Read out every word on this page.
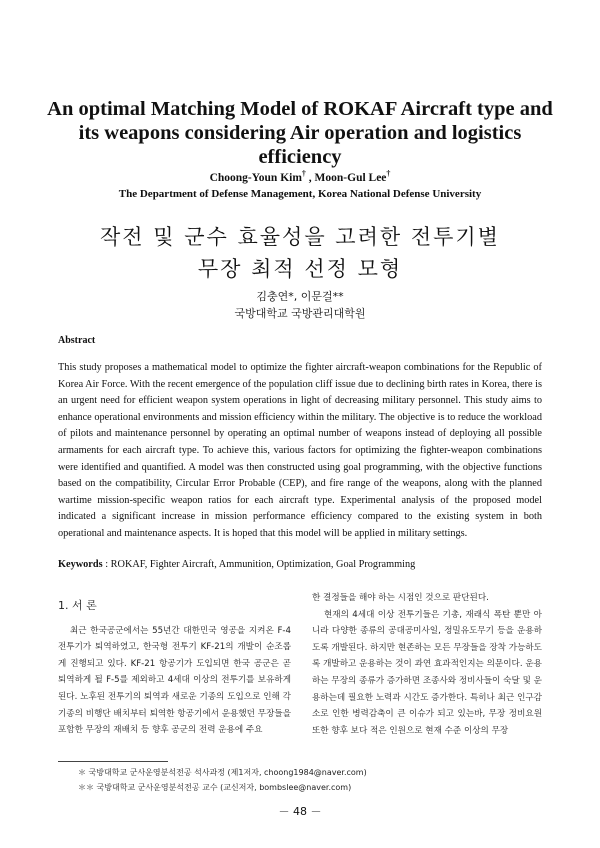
An optimal Matching Model of ROKAF Aircraft type and its weapons considering Air operation and logistics efficiency
Choong-Youn Kim† , Moon-Gul Lee†
The Department of Defense Management, Korea National Defense University
작전 및 군수 효율성을 고려한 전투기별
무장 최적 선정 모형
김충연*, 이문걸**
국방대학교 국방관리대학원
Abstract
This study proposes a mathematical model to optimize the fighter aircraft-weapon combinations for the Republic of Korea Air Force. With the recent emergence of the population cliff issue due to declining birth rates in Korea, there is an urgent need for efficient weapon system operations in light of decreasing military personnel. This study aims to enhance operational environments and mission efficiency within the military. The objective is to reduce the workload of pilots and maintenance personnel by operating an optimal number of weapons instead of deploying all possible armaments for each aircraft type. To achieve this, various factors for optimizing the fighter-weapon combinations were identified and quantified. A model was then constructed using goal programming, with the objective functions based on the compatibility, Circular Error Probable (CEP), and fire range of the weapons, along with the planned wartime mission-specific weapon ratios for each aircraft type. Experimental analysis of the proposed model indicated a significant increase in mission performance efficiency compared to the existing system in both operational and maintenance aspects. It is hoped that this model will be applied in military settings.
Keywords : ROKAF, Fighter Aircraft, Ammunition, Optimization, Goal Programming
1. 서 론
최근 한국공군에서는 55년간 대한민국 영공을 지켜온 F-4 전투기가 퇴역하였고, 한국형 전투기 KF-21의 개발이 순조롭게 진행되고 있다. KF-21 항공기가 도입되면 한국 공군은 곧 퇴역하게 될 F-5를 제외하고 4세대 이상의 전투기를 보유하게 된다. 노후된 전투기의 퇴역과 새로운 기종의 도입으로 인해 각 기종의 비행단 배치부터 퇴역한 항공기에서 운용했던 무장들을 포함한 무장의 재배치 등 향후 공군의 전력 운용에 주요
한 결정들을 해야 하는 시점인 것으로 판단된다.
현재의 4세대 이상 전투기들은 기총, 재래식 폭탄 뿐만 아니라 다양한 종류의 공대공미사일, 정밀유도무기 등을 운용하도록 개발된다. 하지만 현존하는 모든 무장들을 장착 가능하도록 개발하고 운용하는 것이 과연 효과적인지는 의문이다. 운용하는 무장의 종류가 증가하면 조종사와 정비사들이 숙달 및 운용하는데 필요한 노력과 시간도 증가한다. 특히나 최근 인구감소로 인한 병력감축이 큰 이슈가 되고 있는바, 무장 정비요원 또한 향후 보다 적은 인원으로 현재 수준 이상의 무장
＊ 국방대학교 군사운영분석전공 석사과정 (제1저자, choong1984@naver.com)
＊＊ 국방대학교 군사운영분석전공 교수 (교신저자, bombslee@naver.com)
－ 48 －
